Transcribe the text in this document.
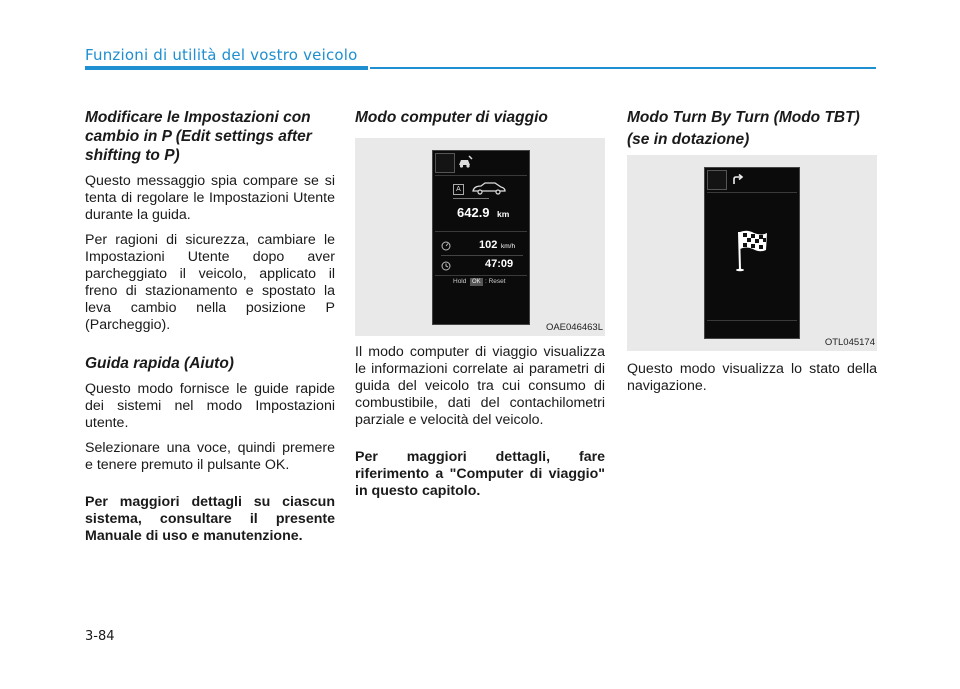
Funzioni di utilità del vostro veicolo
Modificare le Impostazioni con cambio in P (Edit settings after shifting to P)

Questo messaggio spia compare se si tenta di regolare le Impostazioni Utente durante la guida.

Per ragioni di sicurezza, cambiare le Impostazioni Utente dopo aver parcheggiato il veicolo, applicato il freno di stazionamento e spostato la leva cambio nella posizione P (Parcheggio).

Guida rapida (Aiuto)

Questo modo fornisce le guide rapide dei sistemi nel modo Impostazioni utente.

Selezionare una voce, quindi premere e tenere premuto il pulsante OK.

Per maggiori dettagli su ciascun sistema, consultare il presente Manuale di uso e manutenzione.

Modo computer di viaggio
A
642.9 km
102 km/h
47:09
Hold OK : Reset
OAE046463L

Il modo computer di viaggio visualizza le informazioni correlate ai parametri di guida del veicolo tra cui consumo di combustibile, dati del contachilometri parziale e velocità del veicolo.

Per maggiori dettagli, fare riferimento a "Computer di viaggio" in questo capitolo.

Modo Turn By Turn (Modo TBT)
(se in dotazione)
OTL045174

Questo modo visualizza lo stato della navigazione.

3-84
